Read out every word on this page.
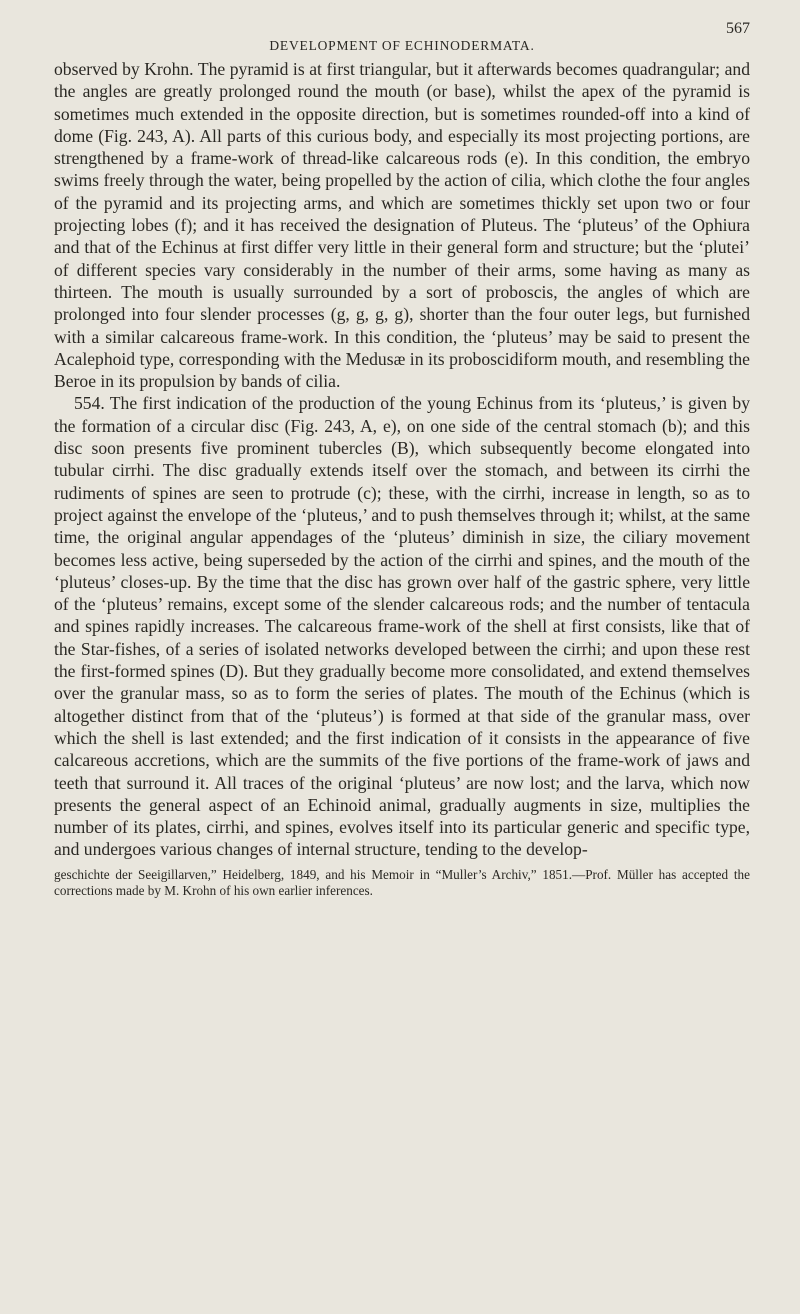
DEVELOPMENT OF ECHINODERMATA.
567

observed by Krohn. The pyramid is at first triangular, but it afterwards becomes quadrangular; and the angles are greatly prolonged round the mouth (or base), whilst the apex of the pyramid is sometimes much extended in the opposite direction, but is sometimes rounded-off into a kind of dome (Fig. 243, A). All parts of this curious body, and especially its most projecting portions, are strengthened by a frame-work of thread-like calcareous rods (e). In this condition, the embryo swims freely through the water, being propelled by the action of cilia, which clothe the four angles of the pyramid and its projecting arms, and which are sometimes thickly set upon two or four projecting lobes (f); and it has received the designation of Pluteus. The ‘pluteus’ of the Ophiura and that of the Echinus at first differ very little in their general form and structure; but the ‘plutei’ of different species vary considerably in the number of their arms, some having as many as thirteen. The mouth is usually surrounded by a sort of proboscis, the angles of which are prolonged into four slender processes (g, g, g, g), shorter than the four outer legs, but furnished with a similar calcareous frame-work. In this condition, the ‘pluteus’ may be said to present the Acalephoid type, corresponding with the Medusæ in its proboscidiform mouth, and resembling the Beroe in its propulsion by bands of cilia.

554. The first indication of the production of the young Echinus from its ‘pluteus,’ is given by the formation of a circular disc (Fig. 243, A, e), on one side of the central stomach (b); and this disc soon presents five prominent tubercles (B), which subsequently become elongated into tubular cirrhi. The disc gradually extends itself over the stomach, and between its cirrhi the rudiments of spines are seen to protrude (c); these, with the cirrhi, increase in length, so as to project against the envelope of the ‘pluteus,’ and to push themselves through it; whilst, at the same time, the original angular appendages of the ‘pluteus’ diminish in size, the ciliary movement becomes less active, being superseded by the action of the cirrhi and spines, and the mouth of the ‘pluteus’ closes-up. By the time that the disc has grown over half of the gastric sphere, very little of the ‘pluteus’ remains, except some of the slender calcareous rods; and the number of tentacula and spines rapidly increases. The calcareous frame-work of the shell at first consists, like that of the Star-fishes, of a series of isolated networks developed between the cirrhi; and upon these rest the first-formed spines (D). But they gradually become more consolidated, and extend themselves over the granular mass, so as to form the series of plates. The mouth of the Echinus (which is altogether distinct from that of the ‘pluteus’) is formed at that side of the granular mass, over which the shell is last extended; and the first indication of it consists in the appearance of five calcareous accretions, which are the summits of the five portions of the frame-work of jaws and teeth that surround it. All traces of the original ‘pluteus’ are now lost; and the larva, which now presents the general aspect of an Echinoid animal, gradually augments in size, multiplies the number of its plates, cirrhi, and spines, evolves itself into its particular generic and specific type, and undergoes various changes of internal structure, tending to the develop-

geschichte der Seeigillarven,” Heidelberg, 1849, and his Memoir in “Muller’s Archiv,” 1851.—Prof. Müller has accepted the corrections made by M. Krohn of his own earlier inferences.
